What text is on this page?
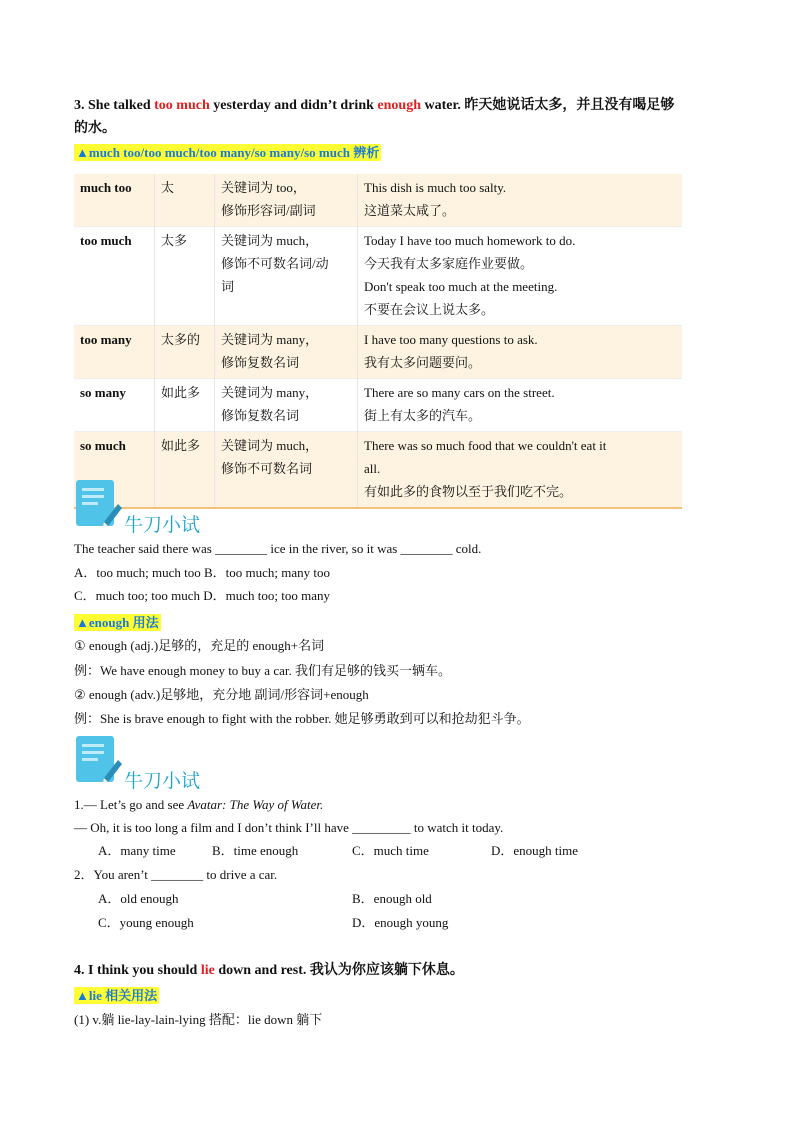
3. She talked too much yesterday and didn’t drink enough water. 昨天她说话太多，并且没有喝足够
的水。
▲much too/too much/too many/so many/so much 辨析
much too	太	关键词为 too，
修饰形容词/副词	This dish is much too salty.
这道菜太咸了。

too much	太多	关键词为 much，
修饰不可数名词/动
词	Today I have too much homework to do.
今天我有太多家庭作业要做。
Don't speak too much at the meeting.
不要在会议上说太多。

too many	太多的	关键词为 many，
修饰复数名词	I have too many questions to ask.
我有太多问题要问。

so many	如此多	关键词为 many，
修饰复数名词	There are so many cars on the street.
街上有太多的汽车。

so much	如此多	关键词为 much，
修饰不可数名词	There was so much food that we couldn't eat it
all.
有如此多的食物以至于我们吃不完。
牛刀小试
The teacher said there was ________ ice in the river, so it was ________ cold.
A．too much; much too B．too much; many too
C．much too; too much D．much too; too many
▲enough 用法
① enough (adj.)足够的，充足的 enough+名词
例：We have enough money to buy a car. 我们有足够的钱买一辆车。
② enough (adv.)足够地，充分地 副词/形容词+enough
例：She is brave enough to fight with the robber. 她足够勇敢到可以和抢劫犯斗争。
牛刀小试
1.— Let’s go and see Avatar: The Way of Water.
— Oh, it is too long a film and I don’t think I’ll have _________ to watch it today.
A．many time	B．time enough	C．much time	D．enough time
2．You aren’t ________ to drive a car.
A．old enough	B．enough old
C．young enough	D．enough young
4. I think you should lie down and rest. 我认为你应该躺下休息。
▲lie 相关用法
(1) v.躺 lie-lay-lain-lying 搭配：lie down 躺下
